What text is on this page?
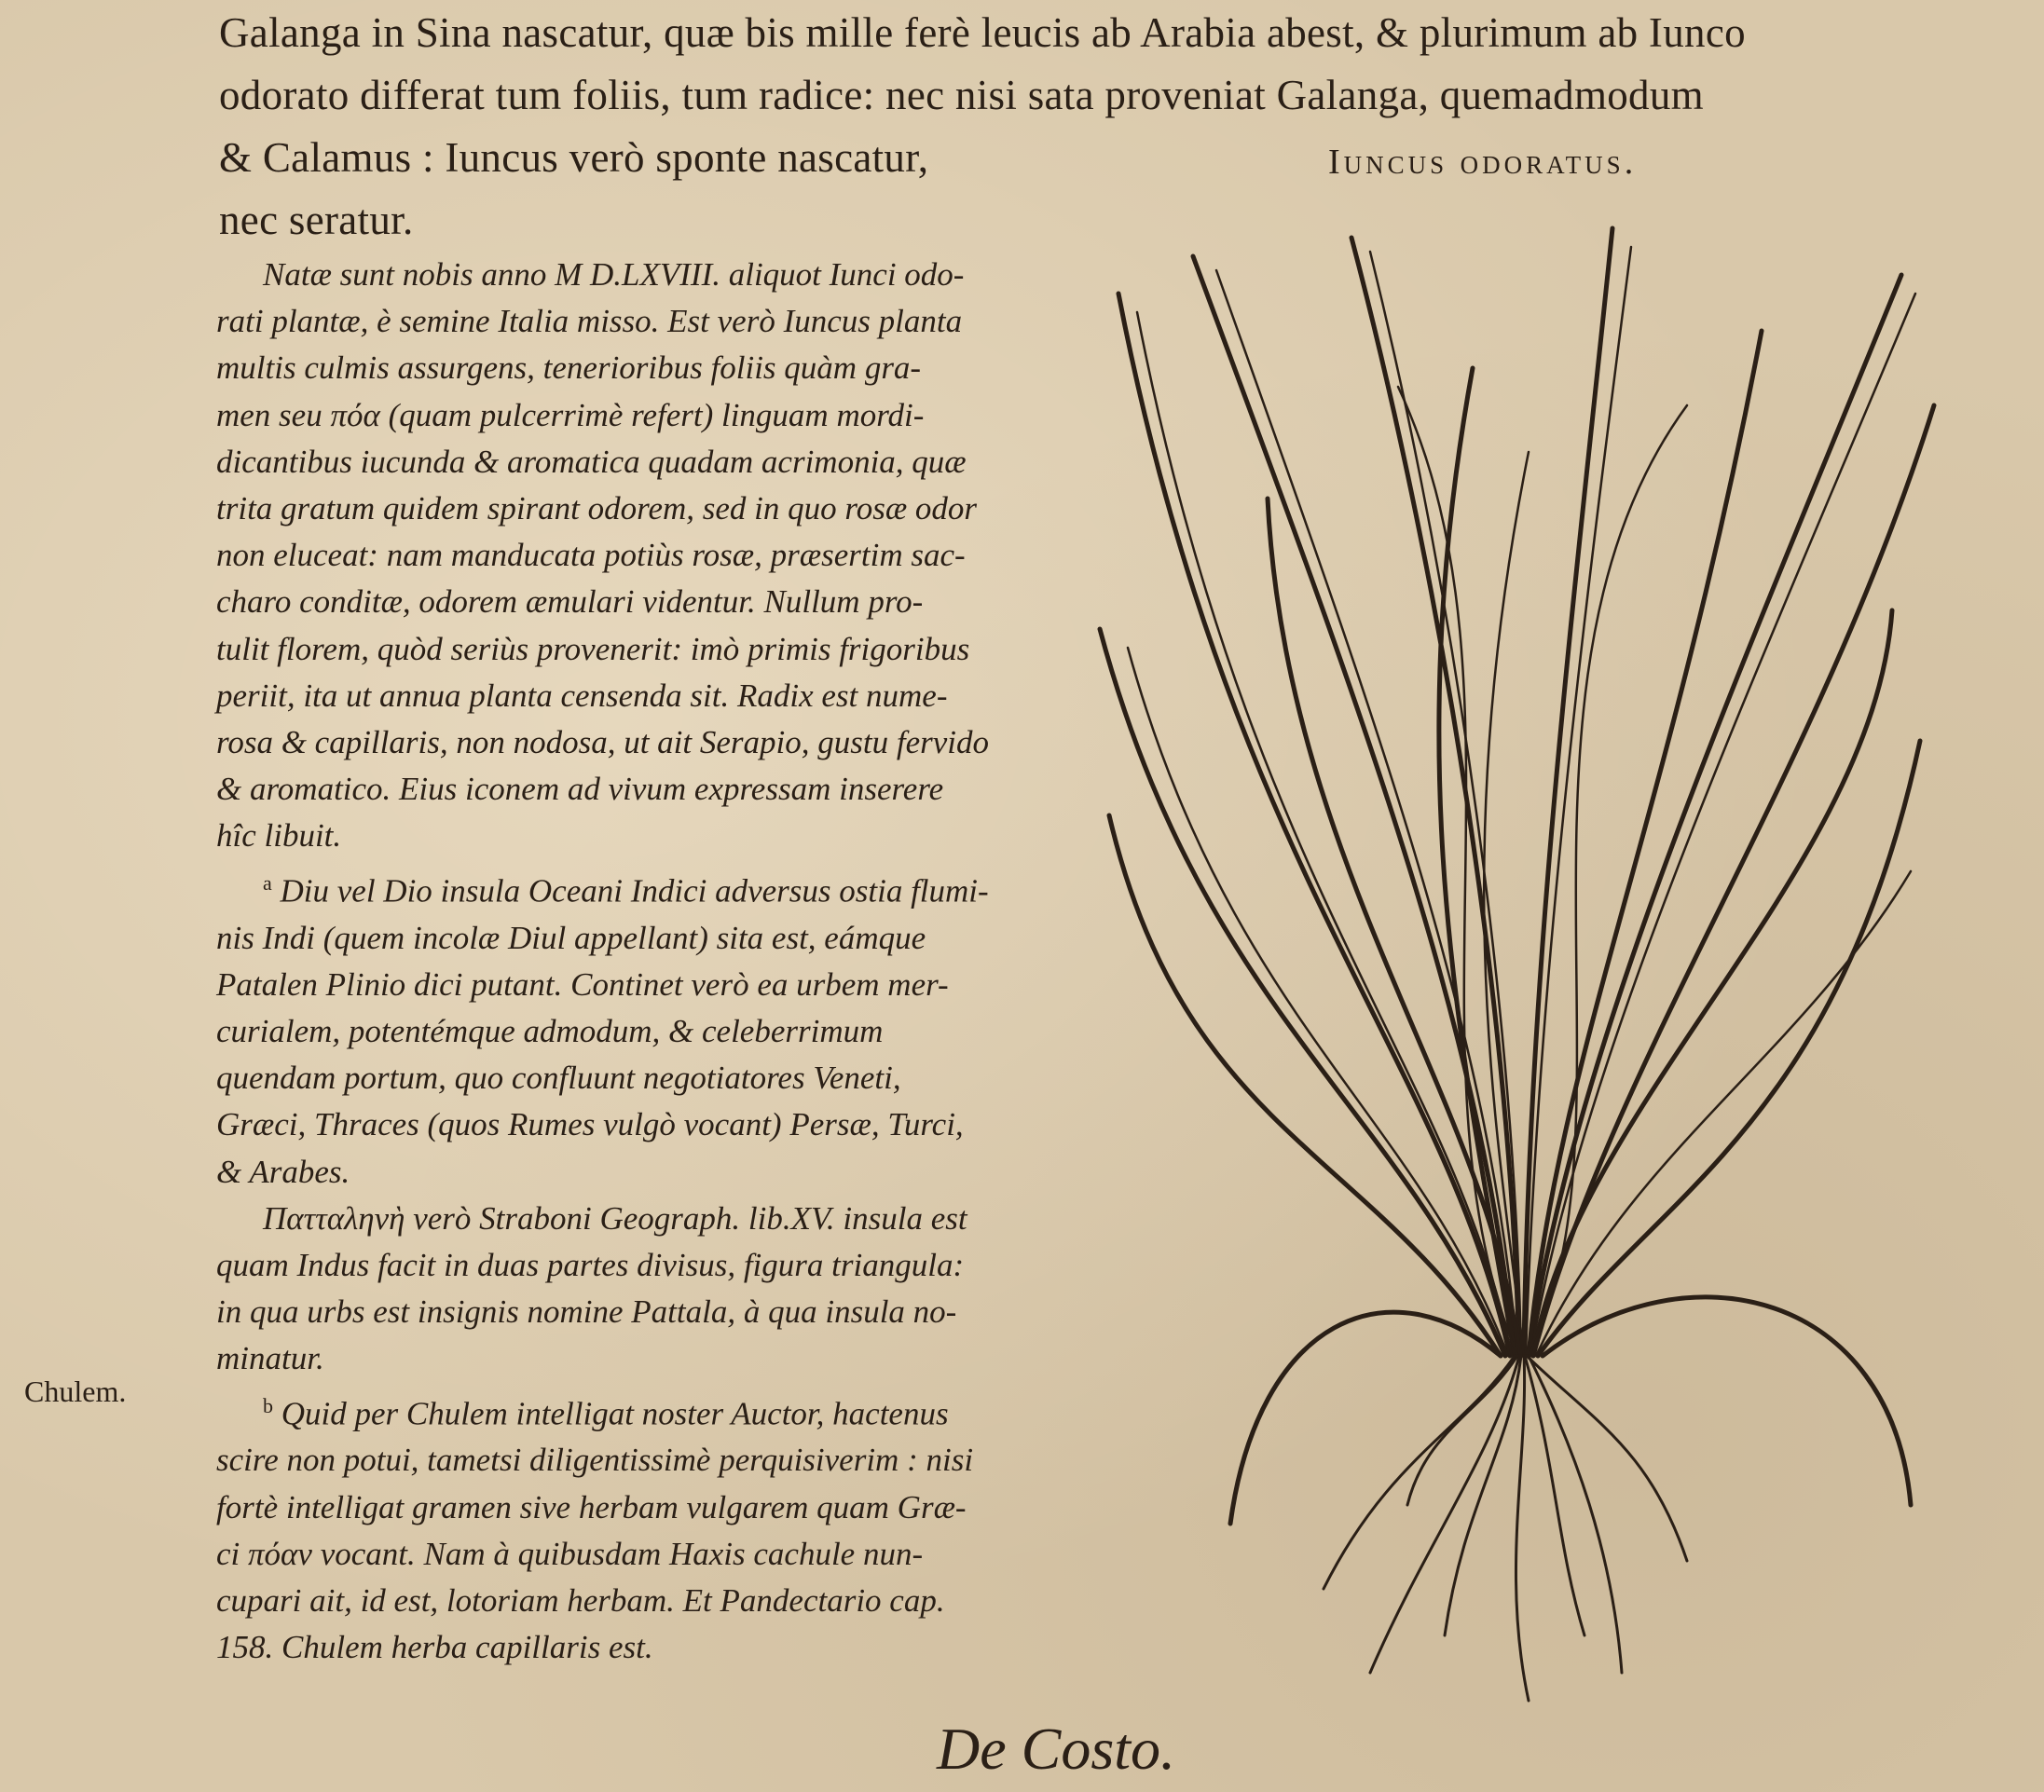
Galanga in Sina nascatur, quæ bis mille ferè leucis ab Arabia abest, & plurimum ab Iunco
odorato differat tum foliis, tum radice: nec nisi sata proveniat Galanga, quemadmodum
& Calamus : Iuncus verò sponte nascatur,
nec seratur.
Iuncus odoratus.
Natæ sunt nobis anno M D.LXVIII. aliquot Iunci odo-
rati plantæ, è semine Italia misso. Est verò Iuncus planta
multis culmis assurgens, tenerioribus foliis quàm gra-
men seu πόα (quam pulcerrimè refert) linguam mordi-
dicantibus iucunda & aromatica quadam acrimonia, quæ
trita gratum quidem spirant odorem, sed in quo rosæ odor
non eluceat: nam manducata potiùs rosæ, præsertim sac-
charo conditæ, odorem æmulari videntur. Nullum pro-
tulit florem, quòd seriùs provenerit: imò primis frigoribus
periit, ita ut annua planta censenda sit. Radix est nume-
rosa & capillaris, non nodosa, ut ait Serapio, gustu fervido
& aromatico. Eius iconem ad vivum expressam inserere
hîc libuit.
$^a$ Diu vel Dio insula Oceani Indici adversus ostia flumi-
nis Indi (quem incolæ Diul appellant) sita est, eámque
Patalen Plinio dici putant. Continet verò ea urbem mer-
curialem, potentémque admodum, & celeberrimum
quendam portum, quo confluunt negotiatores Veneti,
Græci, Thraces (quos Rumes vulgò vocant) Persæ, Turci,
& Arabes.
Πατταληνὴ verò Straboni Geograph. lib.XV. insula est
quam Indus facit in duas partes divisus, figura triangula:
in qua urbs est insignis nomine Pattala, à qua insula no-
minatur.
$^b$ Quid per Chulem intelligat noster Auctor, hactenus
scire non potui, tametsi diligentissimè perquisiverim : nisi
fortè intelligat gramen sive herbam vulgarem quam Græ-
ci πόαν vocant. Nam à quibusdam Haxis cachule nun-
cupari ait, id est, lotoriam herbam. Et Pandectario cap.
158. Chulem herba capillaris est.
Chulem.
De Costo.
